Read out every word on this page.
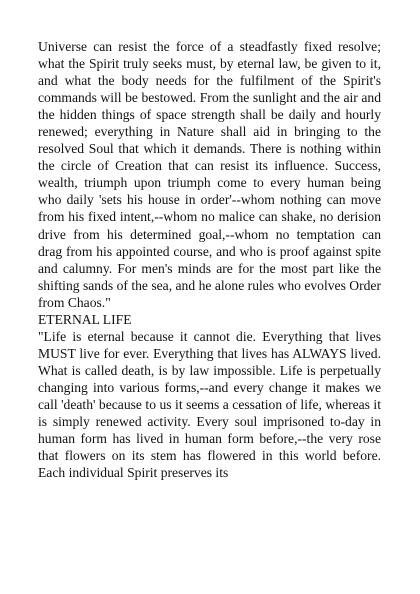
Universe can resist the force of a steadfastly fixed resolve; what the Spirit truly seeks must, by eternal law, be given to it, and what the body needs for the fulfilment of the Spirit's commands will be bestowed. From the sunlight and the air and the hidden things of space strength shall be daily and hourly renewed; everything in Nature shall aid in bringing to the resolved Soul that which it demands. There is nothing within the circle of Creation that can resist its influence. Success, wealth, triumph upon triumph come to every human being who daily 'sets his house in order'--whom nothing can move from his fixed intent,--whom no malice can shake, no derision drive from his determined goal,--whom no temptation can drag from his appointed course, and who is proof against spite and calumny. For men's minds are for the most part like the shifting sands of the sea, and he alone rules who evolves Order from Chaos."

ETERNAL LIFE

"Life is eternal because it cannot die. Everything that lives MUST live for ever. Everything that lives has ALWAYS lived. What is called death, is by law impossible. Life is perpetually changing into various forms,--and every change it makes we call 'death' because to us it seems a cessation of life, whereas it is simply renewed activity. Every soul imprisoned to-day in human form has lived in human form before,--the very rose that flowers on its stem has flowered in this world before. Each individual Spirit preserves its
